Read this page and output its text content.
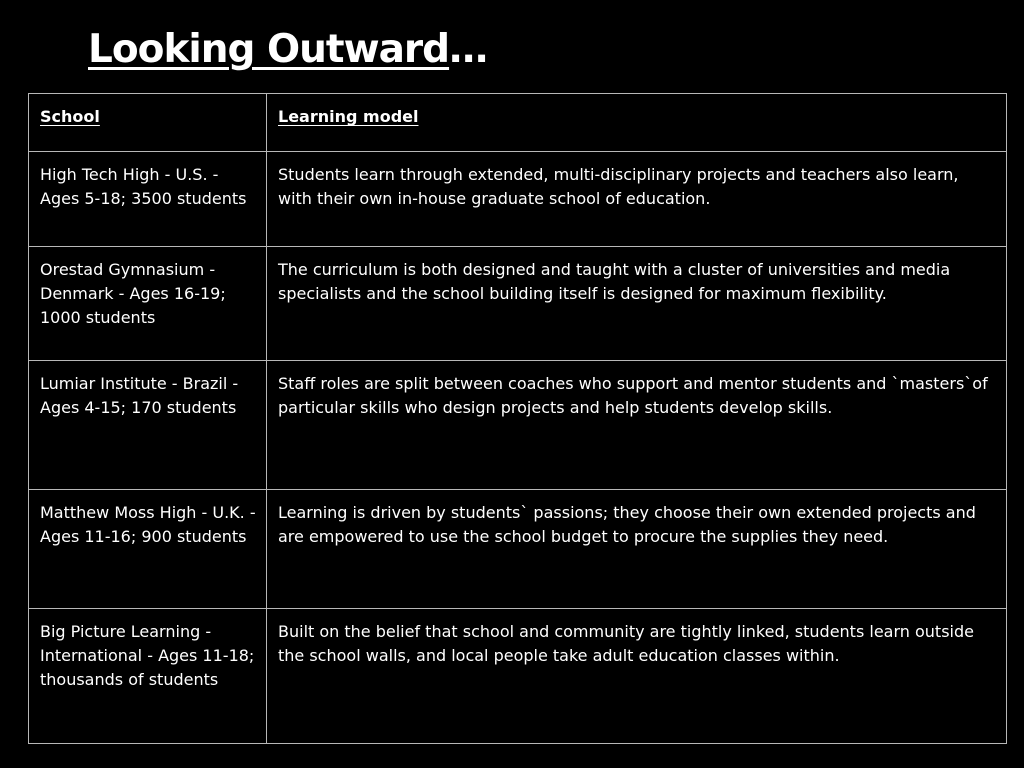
Looking Outward…
School	Learning model
High Tech High - U.S. - Ages 5-18; 3500 students	Students learn through extended, multi-disciplinary projects and teachers also learn, with their own in-house graduate school of education.
Orestad Gymnasium - Denmark - Ages 16-19; 1000 students	The curriculum is both designed and taught with a cluster of universities and media specialists and the school building itself is designed for maximum flexibility.
Lumiar Institute - Brazil - Ages 4-15; 170 students	Staff roles are split between coaches who support and mentor students and `masters`of particular skills who design projects and help students develop skills.
Matthew Moss High - U.K. - Ages 11-16; 900 students	Learning is driven by students` passions; they choose their own extended projects and are empowered to use the school budget to procure the supplies they need.
Big Picture Learning - International - Ages 11-18; thousands of students	Built on the belief that school and community are tightly linked, students learn outside the school walls, and local people take adult education classes within.
